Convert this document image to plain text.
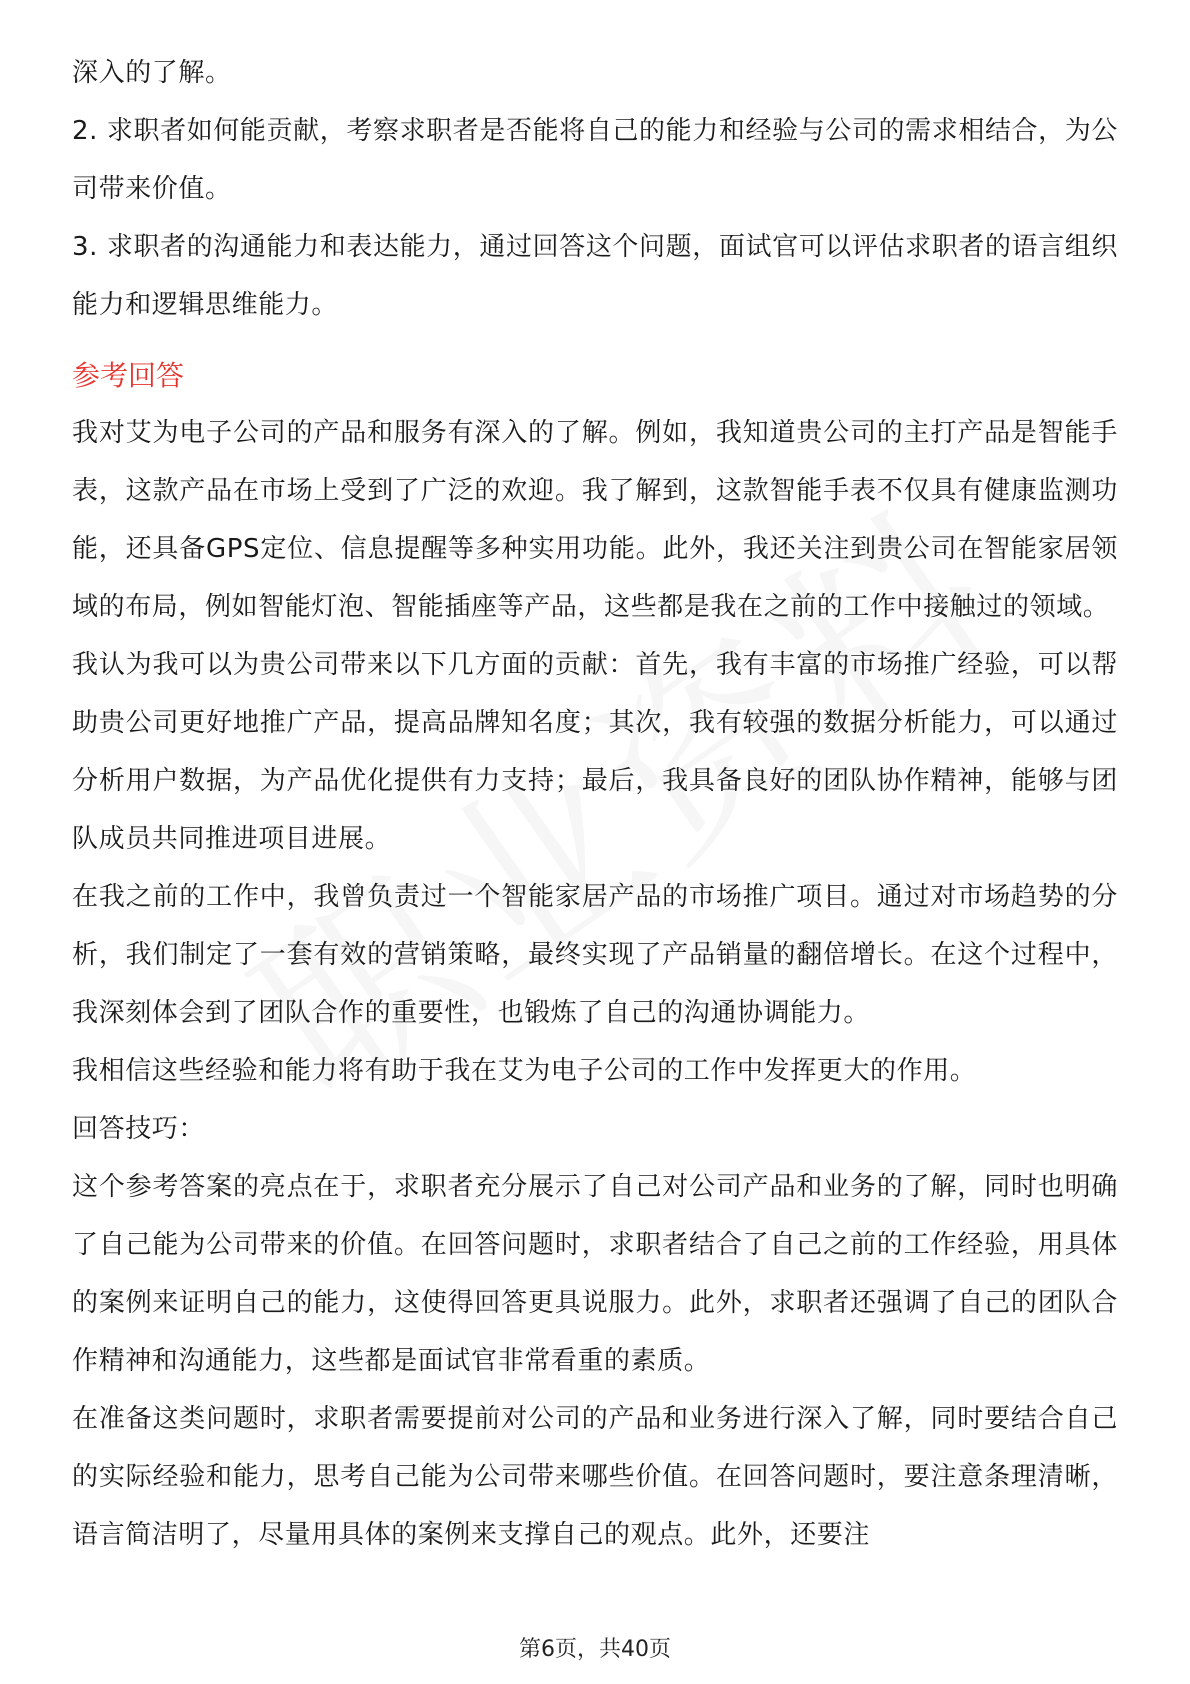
深入的了解。

2. 求职者如何能贡献，考察求职者是否能将自己的能力和经验与公司的需求相结合，为公司带来价值。

3. 求职者的沟通能力和表达能力，通过回答这个问题，面试官可以评估求职者的语言组织能力和逻辑思维能力。

参考回答

我对艾为电子公司的产品和服务有深入的了解。例如，我知道贵公司的主打产品是智能手表，这款产品在市场上受到了广泛的欢迎。我了解到，这款智能手表不仅具有健康监测功能，还具备GPS定位、信息提醒等多种实用功能。此外，我还关注到贵公司在智能家居领域的布局，例如智能灯泡、智能插座等产品，这些都是我在之前的工作中接触过的领域。

我认为我可以为贵公司带来以下几方面的贡献：首先，我有丰富的市场推广经验，可以帮助贵公司更好地推广产品，提高品牌知名度；其次，我有较强的数据分析能力，可以通过分析用户数据，为产品优化提供有力支持；最后，我具备良好的团队协作精神，能够与团队成员共同推进项目进展。

在我之前的工作中，我曾负责过一个智能家居产品的市场推广项目。通过对市场趋势的分析，我们制定了一套有效的营销策略，最终实现了产品销量的翻倍增长。在这个过程中，我深刻体会到了团队合作的重要性，也锻炼了自己的沟通协调能力。

我相信这些经验和能力将有助于我在艾为电子公司的工作中发挥更大的作用。

回答技巧：

这个参考答案的亮点在于，求职者充分展示了自己对公司产品和业务的了解，同时也明确了自己能为公司带来的价值。在回答问题时，求职者结合了自己之前的工作经验，用具体的案例来证明自己的能力，这使得回答更具说服力。此外，求职者还强调了自己的团队合作精神和沟通能力，这些都是面试官非常看重的素质。

在准备这类问题时，求职者需要提前对公司的产品和业务进行深入了解，同时要结合自己的实际经验和能力，思考自己能为公司带来哪些价值。在回答问题时，要注意条理清晰，语言简洁明了，尽量用具体的案例来支撑自己的观点。此外，还要注

第6页，共40页
